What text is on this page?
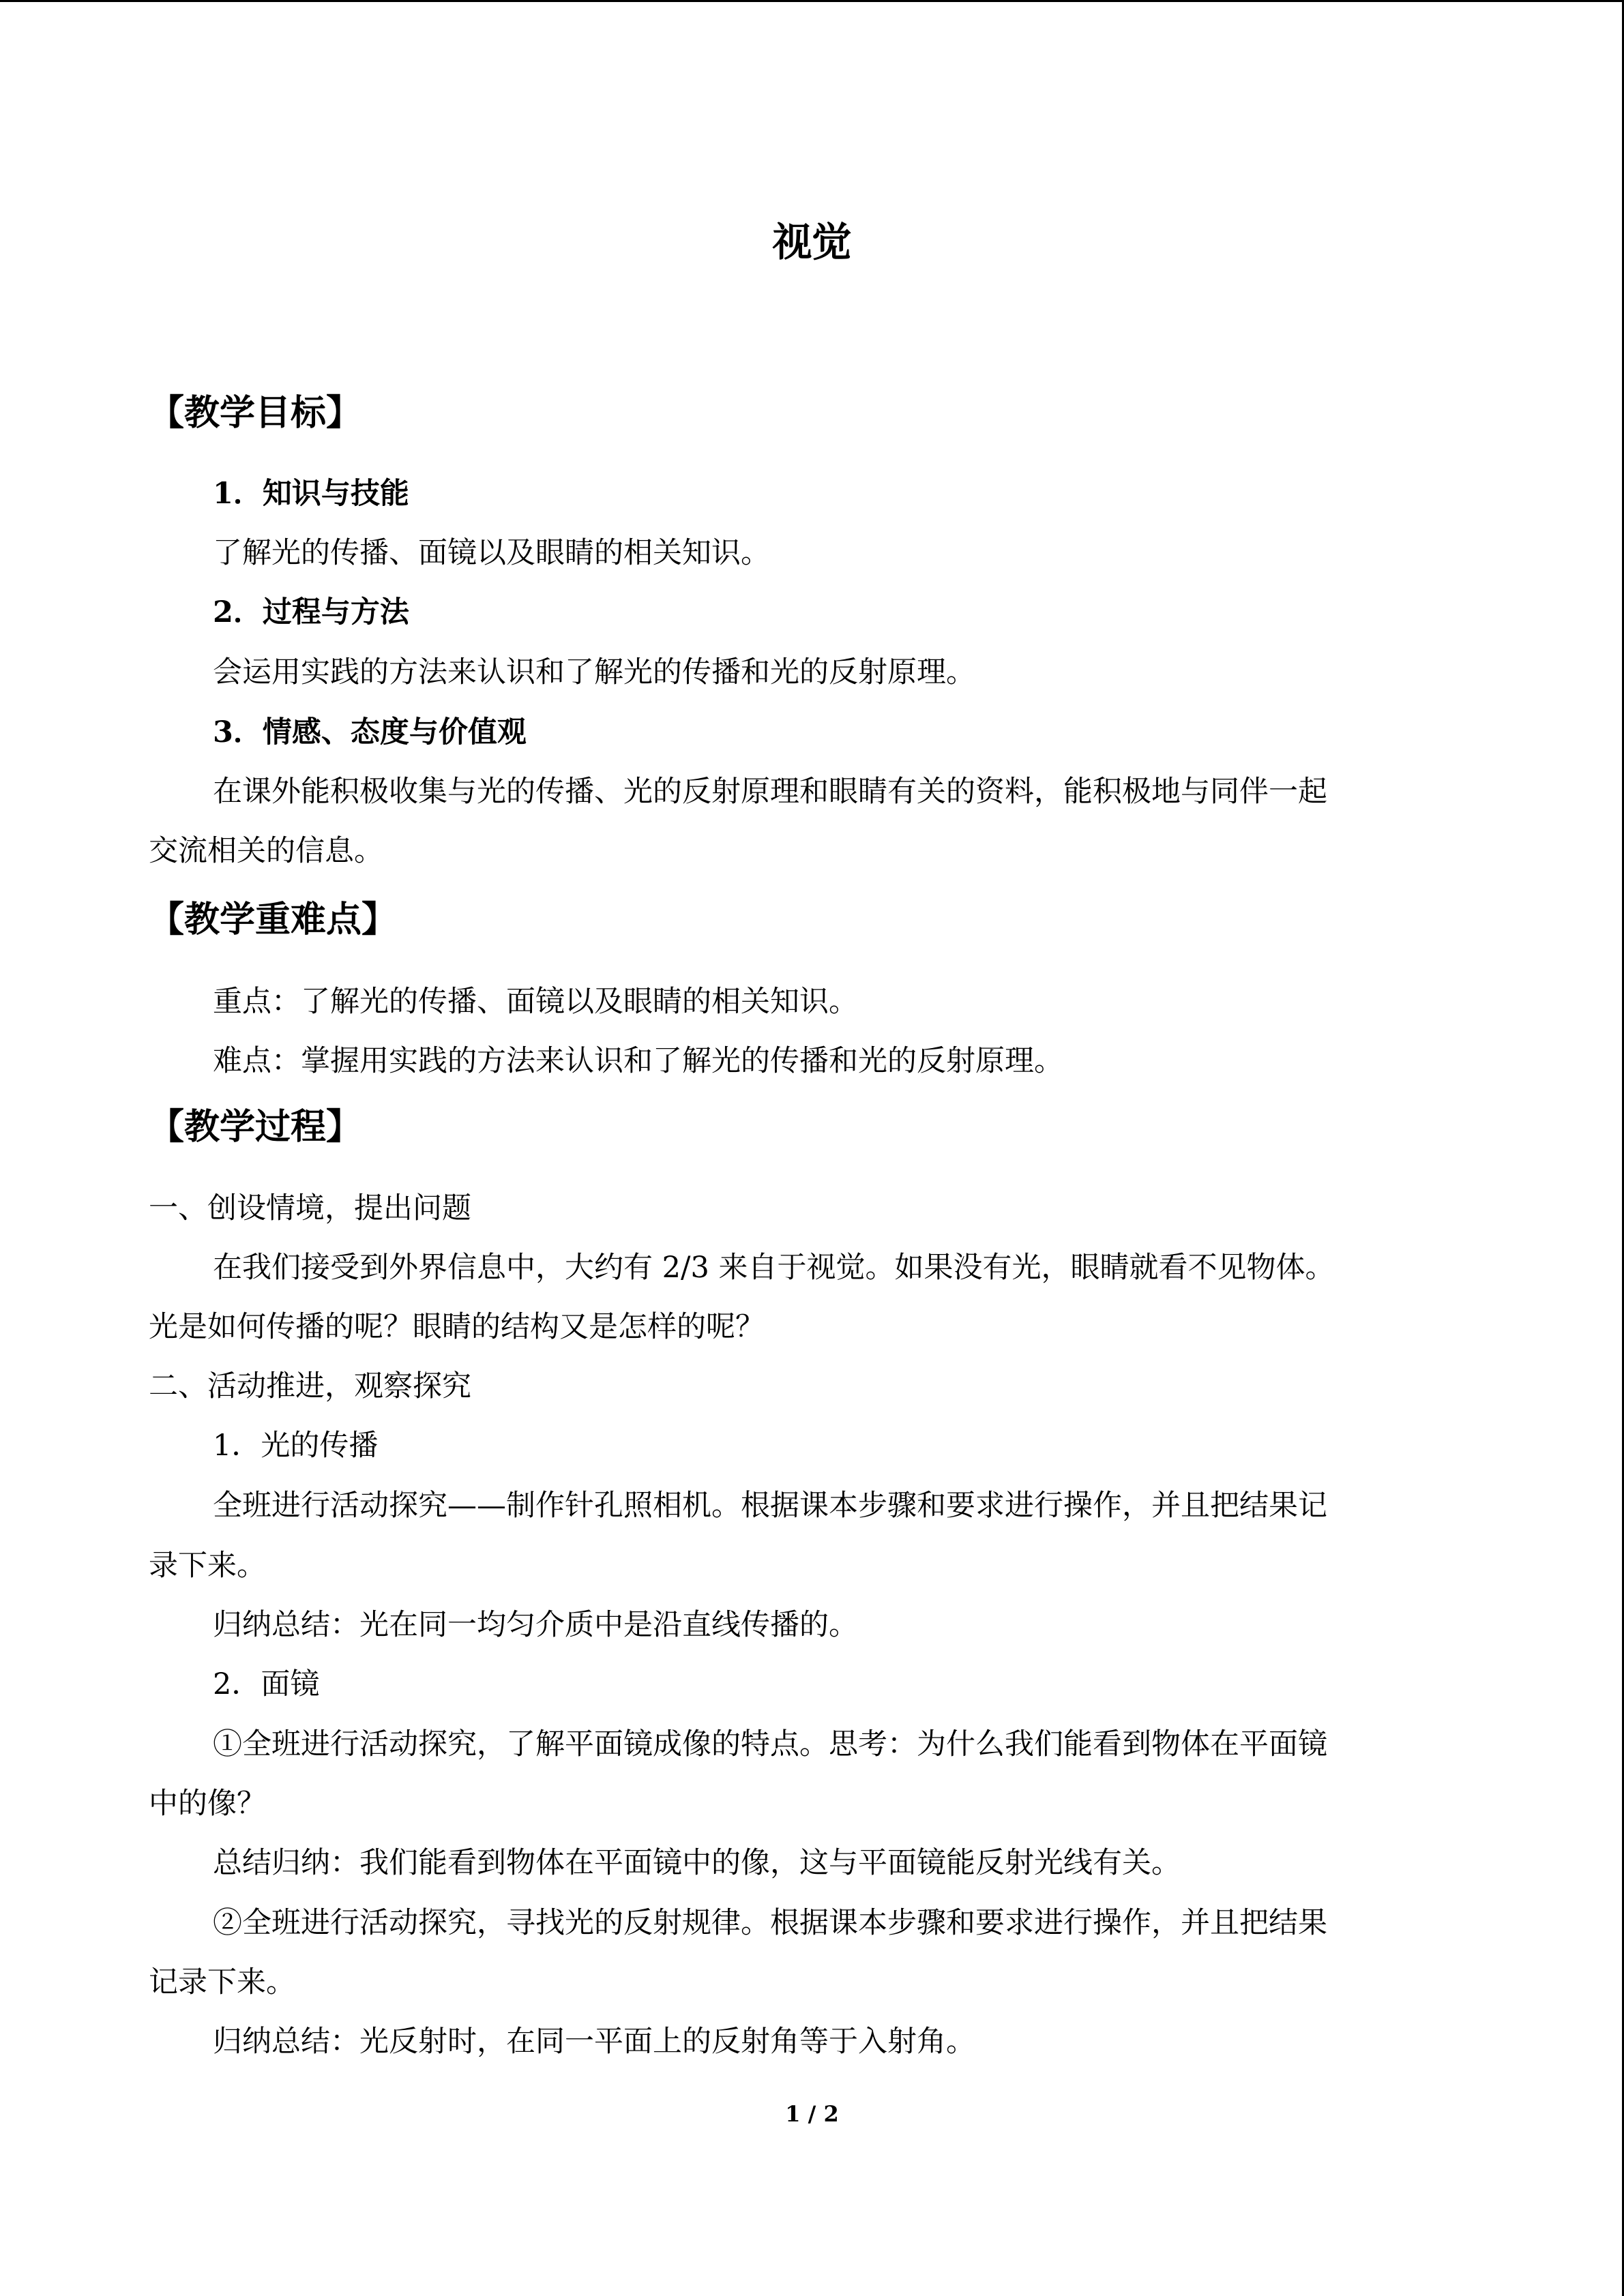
视觉
【教学目标】
1．知识与技能
了解光的传播、面镜以及眼睛的相关知识。
2．过程与方法
会运用实践的方法来认识和了解光的传播和光的反射原理。
3．情感、态度与价值观
在课外能积极收集与光的传播、光的反射原理和眼睛有关的资料，能积极地与同伴一起
交流相关的信息。
【教学重难点】
重点：了解光的传播、面镜以及眼睛的相关知识。
难点：掌握用实践的方法来认识和了解光的传播和光的反射原理。
【教学过程】
一、创设情境，提出问题
在我们接受到外界信息中，大约有 2/3 来自于视觉。如果没有光，眼睛就看不见物体。
光是如何传播的呢？眼睛的结构又是怎样的呢？
二、活动推进，观察探究
1．光的传播
全班进行活动探究——制作针孔照相机。根据课本步骤和要求进行操作，并且把结果记
录下来。
归纳总结：光在同一均匀介质中是沿直线传播的。
2．面镜
①全班进行活动探究，了解平面镜成像的特点。思考：为什么我们能看到物体在平面镜
中的像？
总结归纳：我们能看到物体在平面镜中的像，这与平面镜能反射光线有关。
②全班进行活动探究，寻找光的反射规律。根据课本步骤和要求进行操作，并且把结果
记录下来。
归纳总结：光反射时，在同一平面上的反射角等于入射角。
1 / 2
